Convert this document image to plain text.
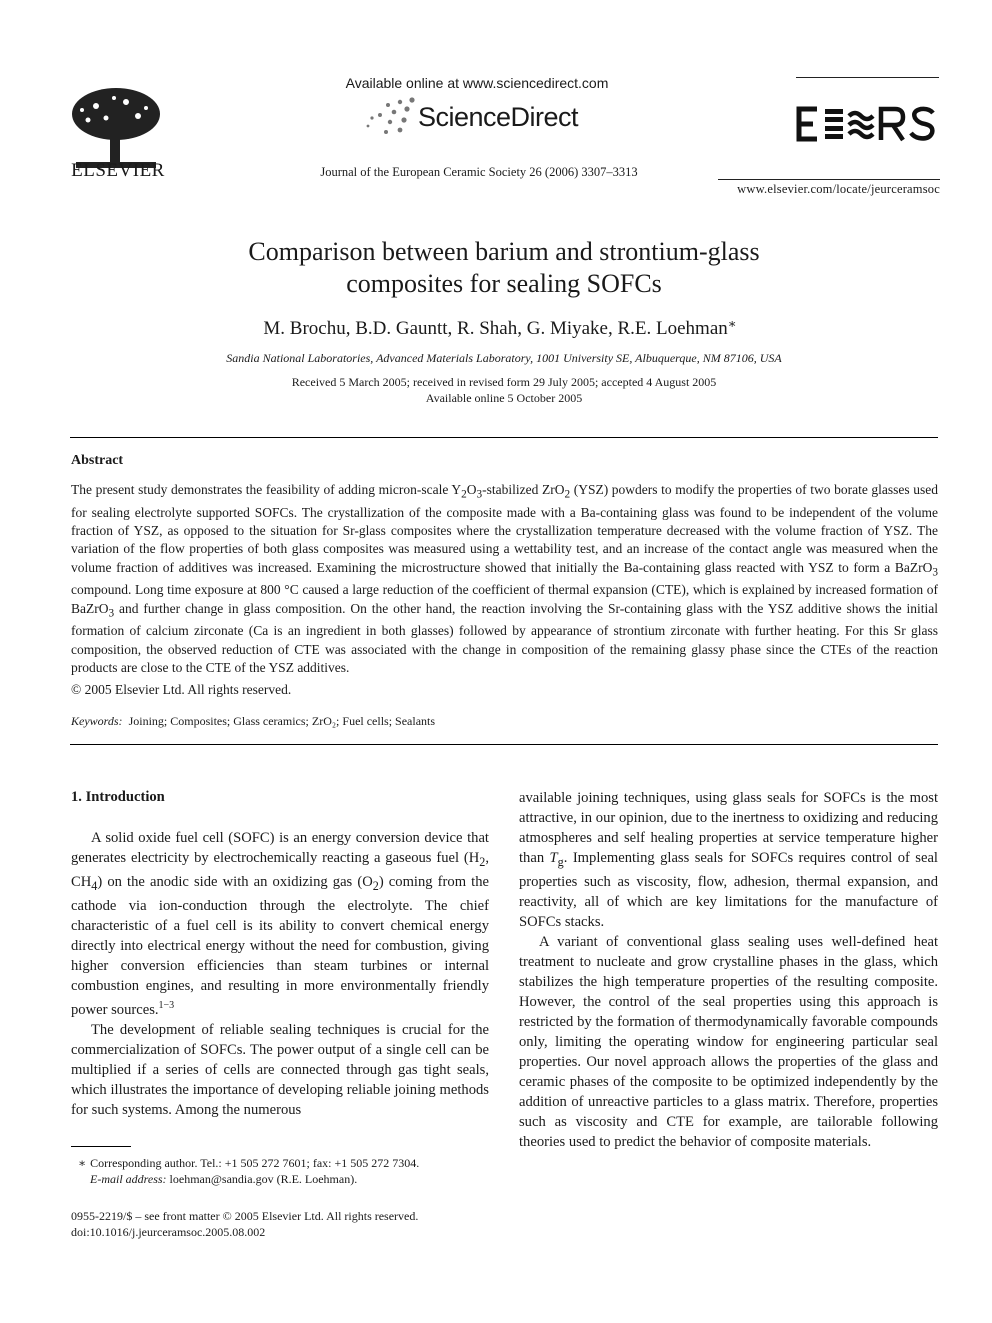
ELSEVIER
Available online at www.sciencedirect.com
ScienceDirect
Journal of the European Ceramic Society 26 (2006) 3307–3313
www.elsevier.com/locate/jeurceramsoc
Comparison between barium and strontium-glass
composites for sealing SOFCs
M. Brochu, B.D. Gauntt, R. Shah, G. Miyake, R.E. Loehman∗
Sandia National Laboratories, Advanced Materials Laboratory, 1001 University SE, Albuquerque, NM 87106, USA
Received 5 March 2005; received in revised form 29 July 2005; accepted 4 August 2005
Available online 5 October 2005
Abstract
The present study demonstrates the feasibility of adding micron-scale $Y_2O_3$-stabilized ZrO$_2$ (YSZ) powders to modify the properties of two borate glasses used for sealing electrolyte supported SOFCs. The crystallization of the composite made with a Ba-containing glass was found to be independent of the volume fraction of YSZ, as opposed to the situation for Sr-glass composites where the crystallization temperature decreased with the volume fraction of YSZ. The variation of the flow properties of both glass composites was measured using a wettability test, and an increase of the contact angle was measured when the volume fraction of additives was increased. Examining the microstructure showed that initially the Ba-containing glass reacted with YSZ to form a BaZrO$_3$ compound. Long time exposure at 800 °C caused a large reduction of the coefficient of thermal expansion (CTE), which is explained by increased formation of BaZrO$_3$ and further change in glass composition. On the other hand, the reaction involving the Sr-containing glass with the YSZ additive shows the initial formation of calcium zirconate (Ca is an ingredient in both glasses) followed by appearance of strontium zirconate with further heating. For this Sr glass composition, the observed reduction of CTE was associated with the change in composition of the remaining glassy phase since the CTEs of the reaction products are close to the CTE of the YSZ additives.
© 2005 Elsevier Ltd. All rights reserved.
Keywords: Joining; Composites; Glass ceramics; ZrO₂; Fuel cells; Sealants
1. Introduction

A solid oxide fuel cell (SOFC) is an energy conversion device that generates electricity by electrochemically reacting a gaseous fuel ($H_2$, $CH_4$) on the anodic side with an oxidizing gas $(O_2)$ coming from the cathode via ion-conduction through the electrolyte. The chief characteristic of a fuel cell is its ability to convert chemical energy directly into electrical energy without the need for combustion, giving higher conversion efficiencies than steam turbines or internal combustion engines, and resulting in more environmentally friendly power sources.$^{1-3}$

The development of reliable sealing techniques is crucial for the commercialization of SOFCs. The power output of a single cell can be multiplied if a series of cells are connected through gas tight seals, which illustrates the importance of developing reliable joining methods for such systems. Among the numerous

available joining techniques, using glass seals for SOFCs is the most attractive, in our opinion, due to the inertness to oxidizing and reducing atmospheres and self healing properties at service temperature higher than $T_g$. Implementing glass seals for SOFCs requires control of seal properties such as viscosity, flow, adhesion, thermal expansion, and reactivity, all of which are key limitations for the manufacture of SOFCs stacks.

A variant of conventional glass sealing uses well-defined heat treatment to nucleate and grow crystalline phases in the glass, which stabilizes the high temperature properties of the resulting composite. However, the control of the seal properties using this approach is restricted by the formation of thermodynamically favorable compounds only, limiting the operating window for engineering particular seal properties. Our novel approach allows the properties of the glass and ceramic phases of the composite to be optimized independently by the addition of unreactive particles to a glass matrix. Therefore, properties such as viscosity and CTE for example, are tailorable following theories used to predict the behavior of composite materials.

∗ Corresponding author. Tel.: +1 505 272 7601; fax: +1 505 272 7304.
E-mail address: loehman@sandia.gov (R.E. Loehman).
0955-2219/$ – see front matter © 2005 Elsevier Ltd. All rights reserved.
doi:10.1016/j.jeurceramsoc.2005.08.002
